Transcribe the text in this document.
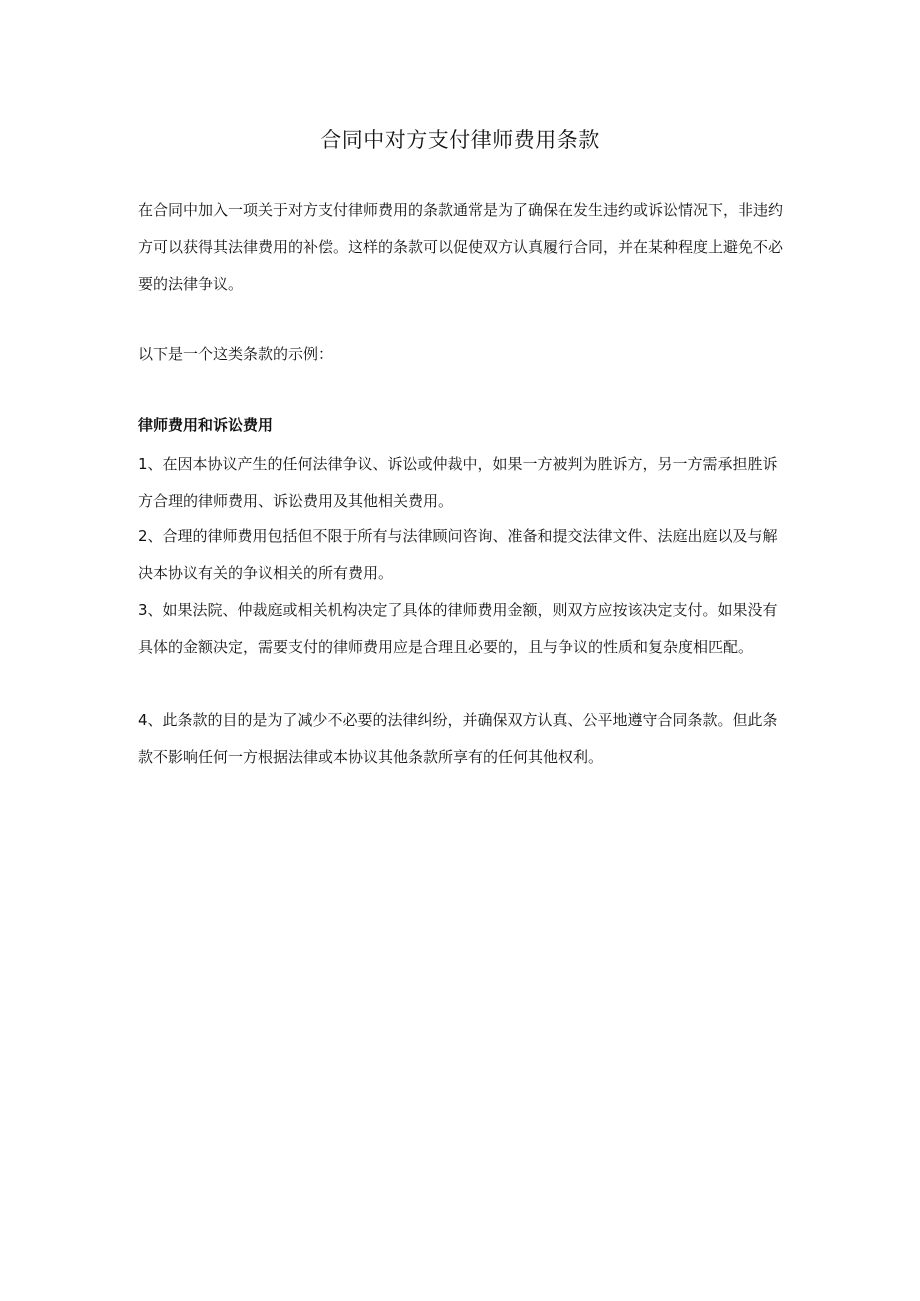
合同中对方支付律师费用条款

在合同中加入一项关于对方支付律师费用的条款通常是为了确保在发生违约或诉讼情况下，非违约方可以获得其法律费用的补偿。这样的条款可以促使双方认真履行合同，并在某种程度上避免不必要的法律争议。

以下是一个这类条款的示例：

律师费用和诉讼费用

1、在因本协议产生的任何法律争议、诉讼或仲裁中，如果一方被判为胜诉方，另一方需承担胜诉方合理的律师费用、诉讼费用及其他相关费用。

2、合理的律师费用包括但不限于所有与法律顾问咨询、准备和提交法律文件、法庭出庭以及与解决本协议有关的争议相关的所有费用。

3、如果法院、仲裁庭或相关机构决定了具体的律师费用金额，则双方应按该决定支付。如果没有具体的金额决定，需要支付的律师费用应是合理且必要的，且与争议的性质和复杂度相匹配。

4、此条款的目的是为了减少不必要的法律纠纷，并确保双方认真、公平地遵守合同条款。但此条款不影响任何一方根据法律或本协议其他条款所享有的任何其他权利。
